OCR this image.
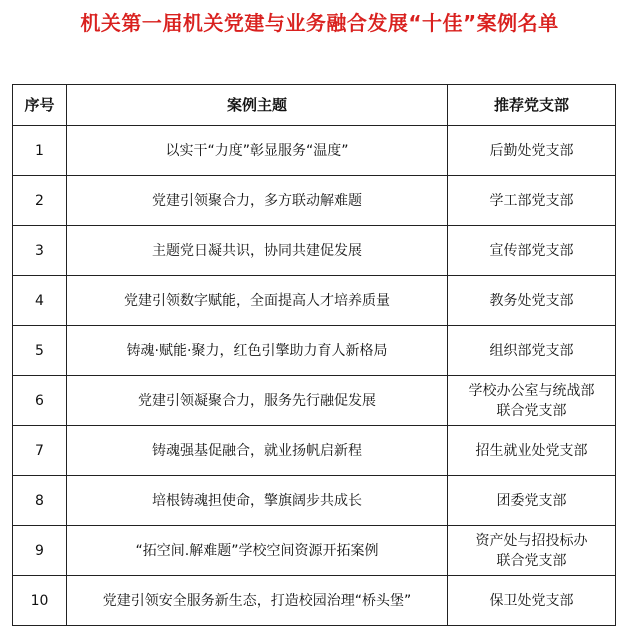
机关第一届机关党建与业务融合发展“十佳”案例名单
序号	案例主题	推荐党支部
1	以实干“力度”彰显服务“温度”	后勤处党支部

2	党建引领聚合力，多方联动解难题	学工部党支部

3	主题党日凝共识，协同共建促发展	宣传部党支部

4	党建引领数字赋能，全面提高人才培养质量	教务处党支部

5	铸魂·赋能·聚力，红色引擎助力育人新格局	组织部党支部

6	党建引领凝聚合力，服务先行融促发展	学校办公室与统战部
联合党支部

7	铸魂强基促融合，就业扬帆启新程	招生就业处党支部

8	培根铸魂担使命，擎旗阔步共成长	团委党支部

9	“拓空间.解难题”学校空间资源开拓案例	资产处与招投标办
联合党支部

10	党建引领安全服务新生态，打造校园治理“桥头堡”	保卫处党支部
